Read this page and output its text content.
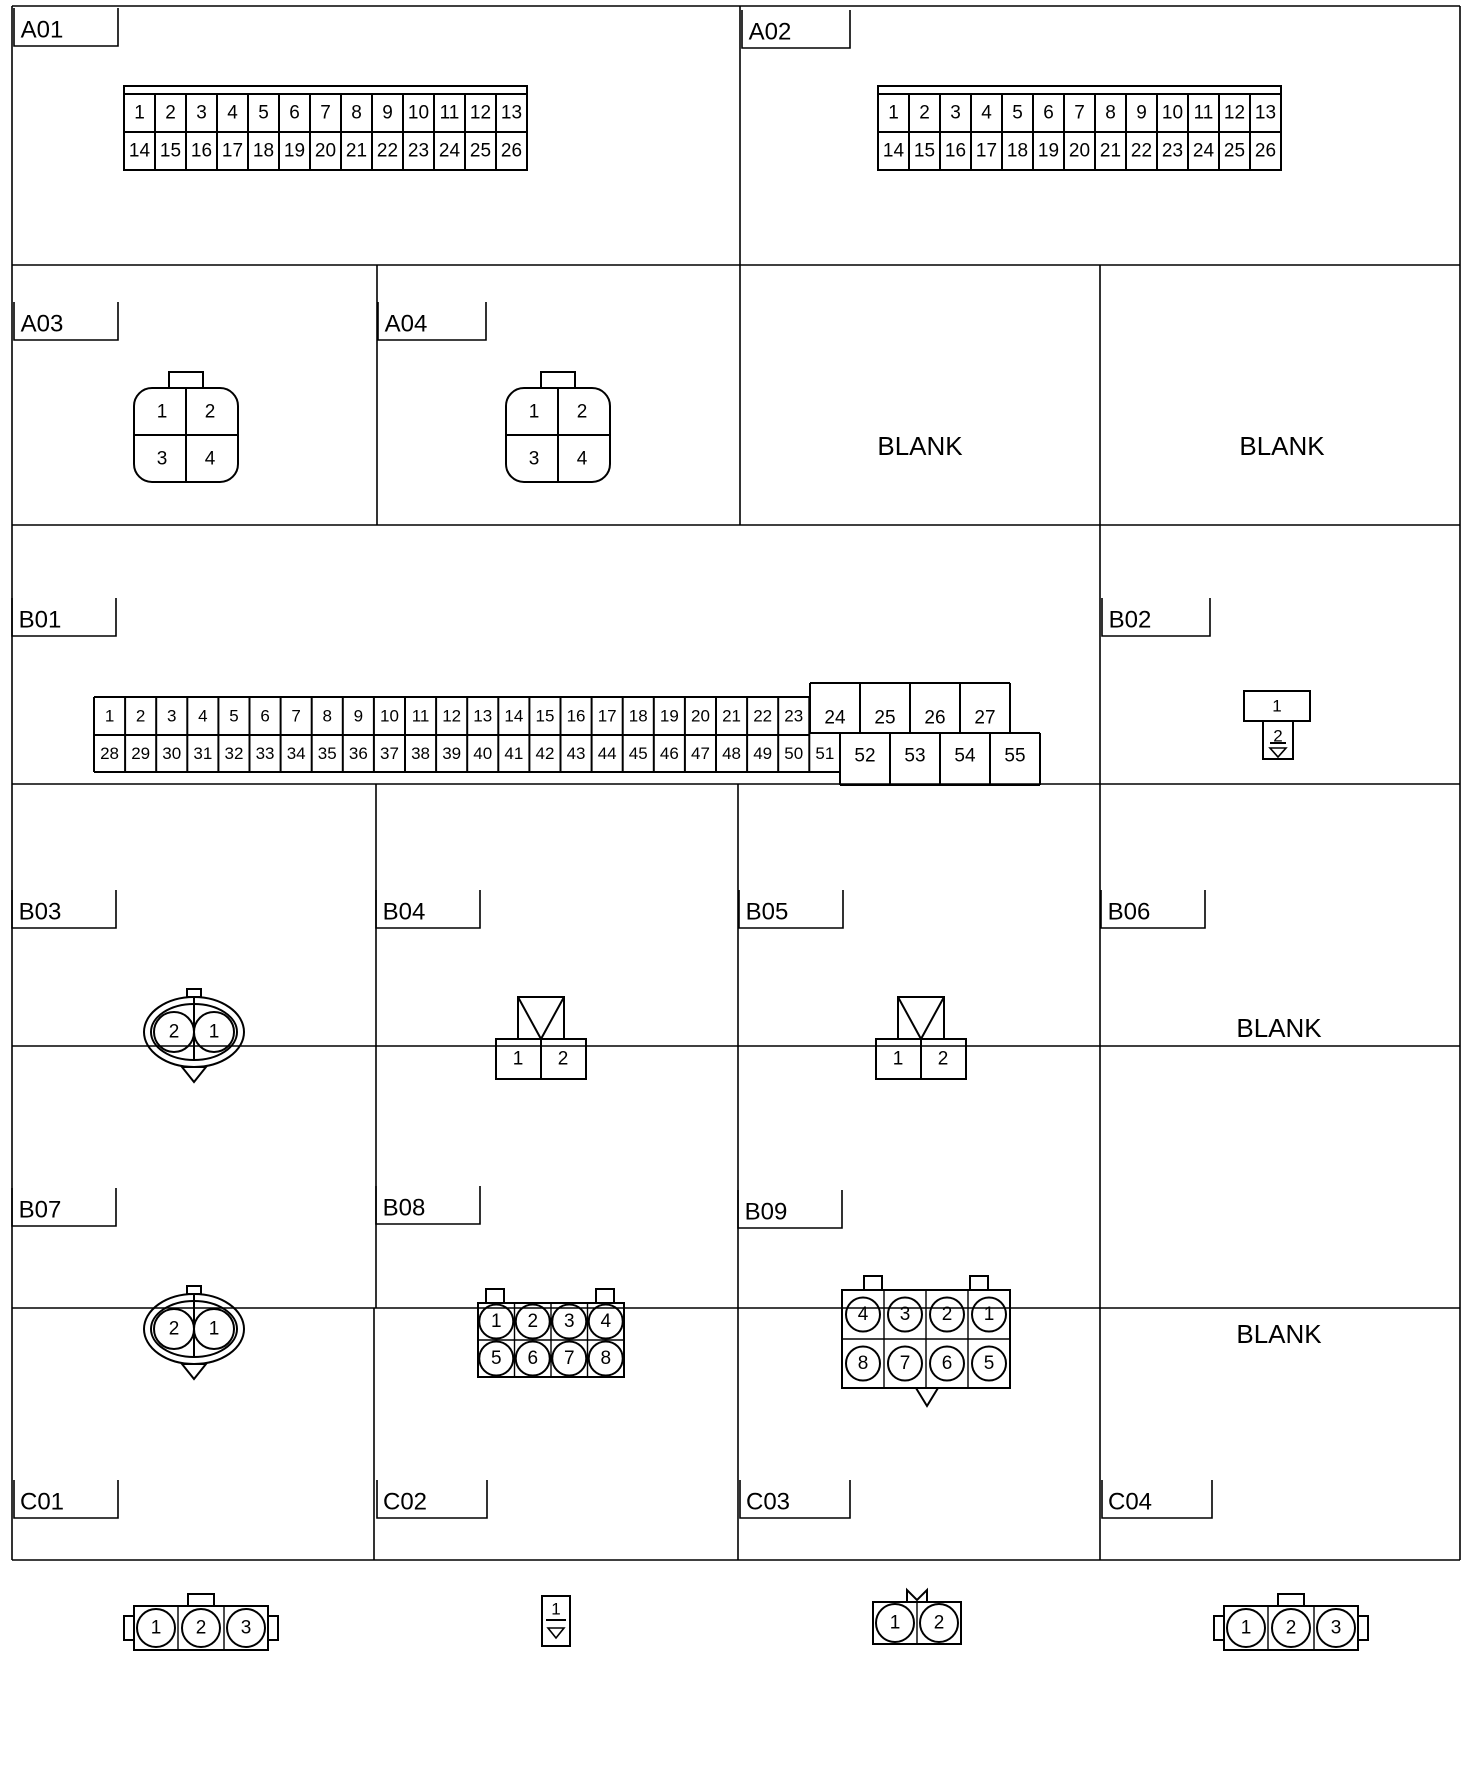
A01	A02
A03	A04
B01	B02
B03	B04	B05	B06
B07	B08	B09
C01	C02	C03	C04
BLANK	BLANK
BLANK
BLANK
1 2 3 4 5 6 7 8 9 10 11 12 13
14 15 16 17 18 19 20 21 22 23 24 25 26
1 2 3 4 5 6 7 8 9 10 11 12 13
14 15 16 17 18 19 20 21 22 23 24 25 26
1 2
3 4
1 2
3 4
1 2 3 4 5 6 7 8 9 10 11 12 13 14 15 16 17 18 19 20 21 22 23
28 29 30 31 32 33 34 35 36 37 38 39 40 41 42 43 44 45 46 47 48 49 50 51
24 25 26 27
52 53 54 55
1
2
2 1
2 1
1 2	1 2
1 2 3 4
5 6 7 8
4 3 2 1
8 7 6 5
1 2 3	1 2 3
1
1 2
